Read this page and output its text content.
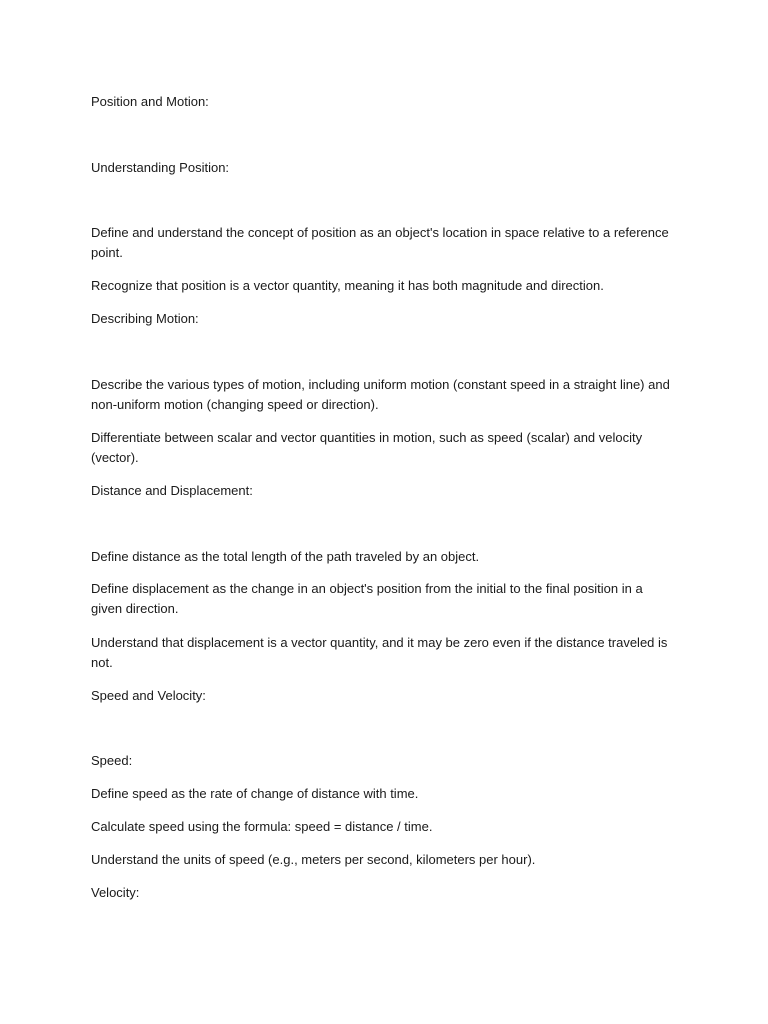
Position and Motion:

Understanding Position:

Define and understand the concept of position as an object's location in space relative to a reference point.

Recognize that position is a vector quantity, meaning it has both magnitude and direction.

Describing Motion:

Describe the various types of motion, including uniform motion (constant speed in a straight line) and non-uniform motion (changing speed or direction).

Differentiate between scalar and vector quantities in motion, such as speed (scalar) and velocity (vector).

Distance and Displacement:

Define distance as the total length of the path traveled by an object.

Define displacement as the change in an object's position from the initial to the final position in a given direction.

Understand that displacement is a vector quantity, and it may be zero even if the distance traveled is not.

Speed and Velocity:

Speed:

Define speed as the rate of change of distance with time.

Calculate speed using the formula: speed = distance / time.

Understand the units of speed (e.g., meters per second, kilometers per hour).

Velocity:
